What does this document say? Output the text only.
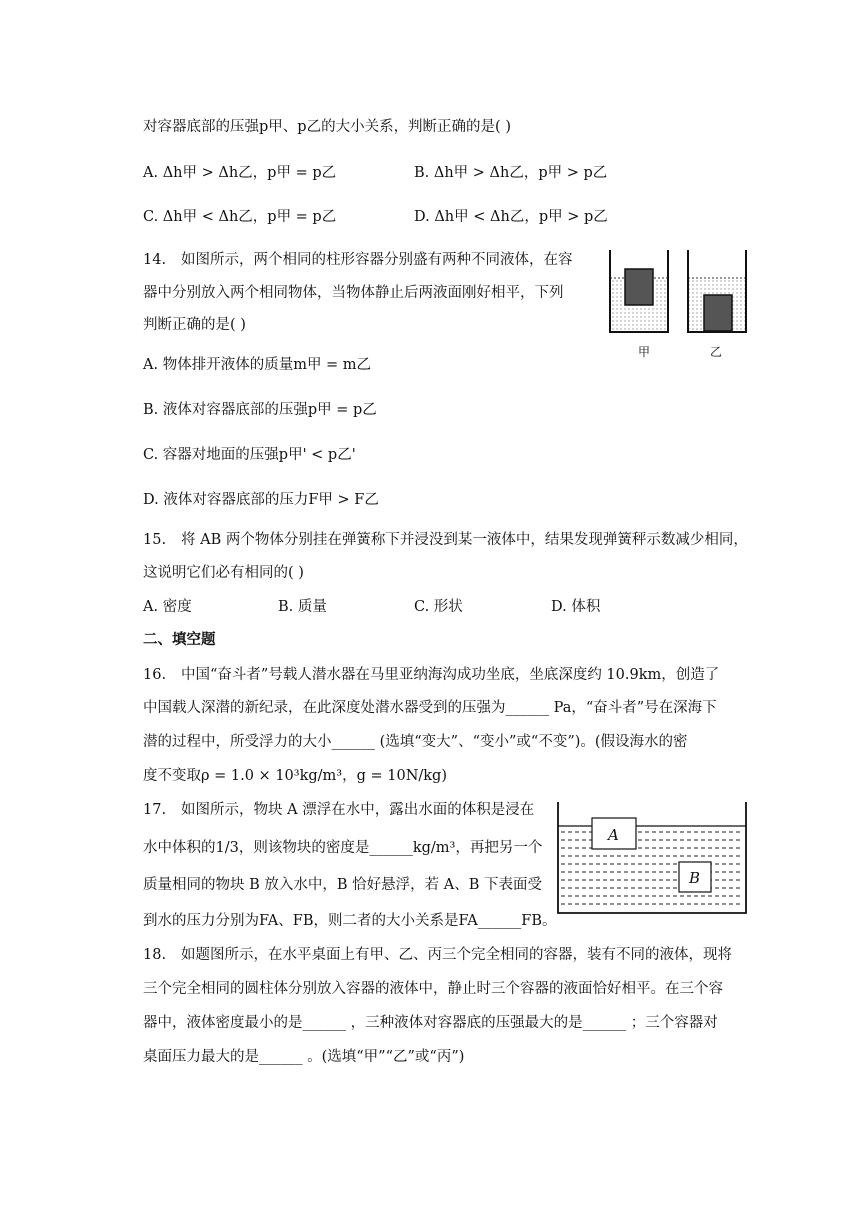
对容器底部的压强p甲、p乙的大小关系，判断正确的是( )
A. Δh甲 > Δh乙，p甲 = p乙	B. Δh甲 > Δh乙，p甲 > p乙
C. Δh甲 < Δh乙，p甲 = p乙	D. Δh甲 < Δh乙，p甲 > p乙
14. 如图所示，两个相同的柱形容器分别盛有两种不同液体，在容
器中分别放入两个相同物体，当物体静止后两液面刚好相平，下列
判断正确的是( )
甲	乙
A. 物体排开液体的质量m甲 = m乙
B. 液体对容器底部的压强p甲 = p乙
C. 容器对地面的压强p甲' < p乙'
D. 液体对容器底部的压力F甲 > F乙
15. 将 AB 两个物体分别挂在弹簧称下并浸没到某一液体中，结果发现弹簧秤示数减少相同，
这说明它们必有相同的( )
A. 密度	B. 质量	C. 形状	D. 体积
二、填空题
16. 中国“奋斗者”号载人潜水器在马里亚纳海沟成功坐底，坐底深度约 10.9km，创造了
中国载人深潜的新纪录，在此深度处潜水器受到的压强为______ Pa，“奋斗者”号在深海下
潜的过程中，所受浮力的大小______ (选填“变大”、“变小”或“不变”)。(假设海水的密
度不变取ρ = 1.0 × 10³kg/m³，g = 10N/kg)
17. 如图所示，物块 A 漂浮在水中，露出水面的体积是浸在
水中体积的1/3，则该物块的密度是______kg/m³，再把另一个
质量相同的物块 B 放入水中，B 恰好悬浮，若 A、B 下表面受
到水的压力分别为FA、FB，则二者的大小关系是FA______FB。
A
B
18. 如题图所示，在水平桌面上有甲、乙、丙三个完全相同的容器，装有不同的液体，现将
三个完全相同的圆柱体分别放入容器的液体中，静止时三个容器的液面恰好相平。在三个容
器中，液体密度最小的是______ ，三种液体对容器底的压强最大的是______ ；三个容器对
桌面压力最大的是______ 。(选填“甲”“乙”或“丙”)
